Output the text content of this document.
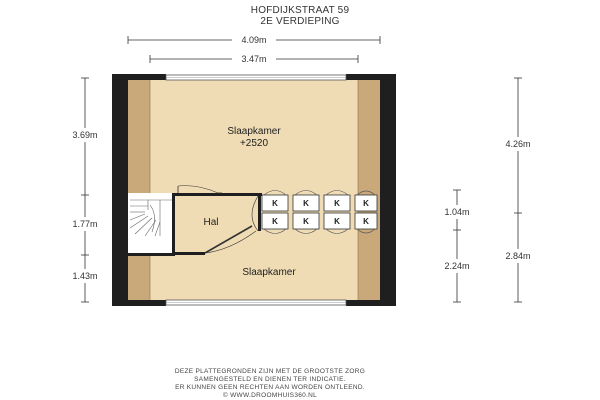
HOFDIJKSTRAAT 59
2E VERDIEPING
4.09m
3.47m
3.69m
1.77m
1.43m
1.04m
2.24m
4.26m
2.84m
K	K	K	K
K	K	K	K
Slaapkamer
+2520
Hal
Slaapkamer
DEZE PLATTEGRONDEN ZIJN MET DE GROOTSTE ZORG
SAMENGESTELD EN DIENEN TER INDICATIE.
ER KUNNEN GEEN RECHTEN AAN WORDEN ONTLEEND.
© WWW.DROOMHUIS360.NL
